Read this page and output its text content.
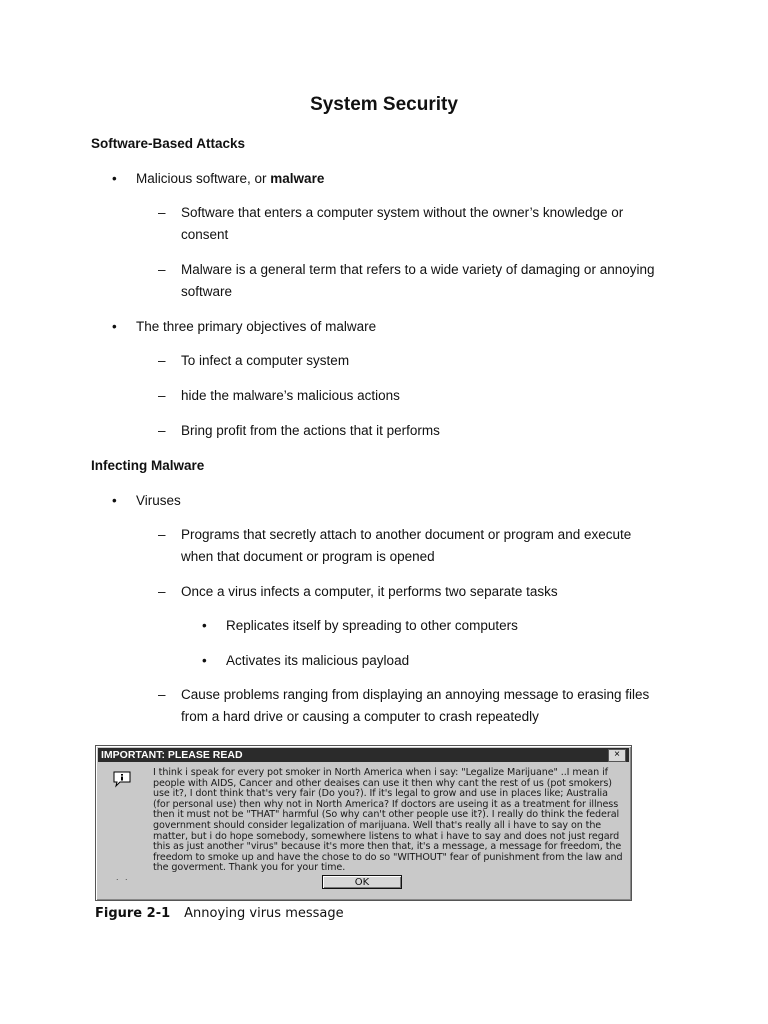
System Security
Software-Based Attacks
• Malicious software, or malware
– Software that enters a computer system without the owner’s knowledge or
consent
– Malware is a general term that refers to a wide variety of damaging or annoying
software
• The three primary objectives of malware
– To infect a computer system
– hide the malware’s malicious actions
– Bring profit from the actions that it performs
Infecting Malware
• Viruses
– Programs that secretly attach to another document or program and execute
when that document or program is opened
– Once a virus infects a computer, it performs two separate tasks
• Replicates itself by spreading to other computers
• Activates its malicious payload
– Cause problems ranging from displaying an annoying message to erasing files
from a hard drive or causing a computer to crash repeatedly
IMPORTANT: PLEASE READ	×
I think i speak for every pot smoker in North America when i say: "Legalize Marijuane" ..I mean if people with AIDS, Cancer and other deaises can use it then why cant the rest of us (pot smokers) use it?, I dont think that's very fair (Do you?). If it's legal to grow and use in places like; Australia (for personal use) then why not in North America? If doctors are useing it as a treatment for illness then it must not be "THAT" harmful (So why can't other people use it?). I really do think the federal government should consider legalization of marijuana. Well that's really all i have to say on the matter, but i do hope somebody, somewhere listens to what i have to say and does not just regard this as just another "virus" because it's more then that, it's a message, a message for freedom, the freedom to smoke up and have the chose to do so "WITHOUT" fear of punishment from the law and the goverment. Thank you for your time.
. .	OK
Figure 2-1 Annoying virus message
